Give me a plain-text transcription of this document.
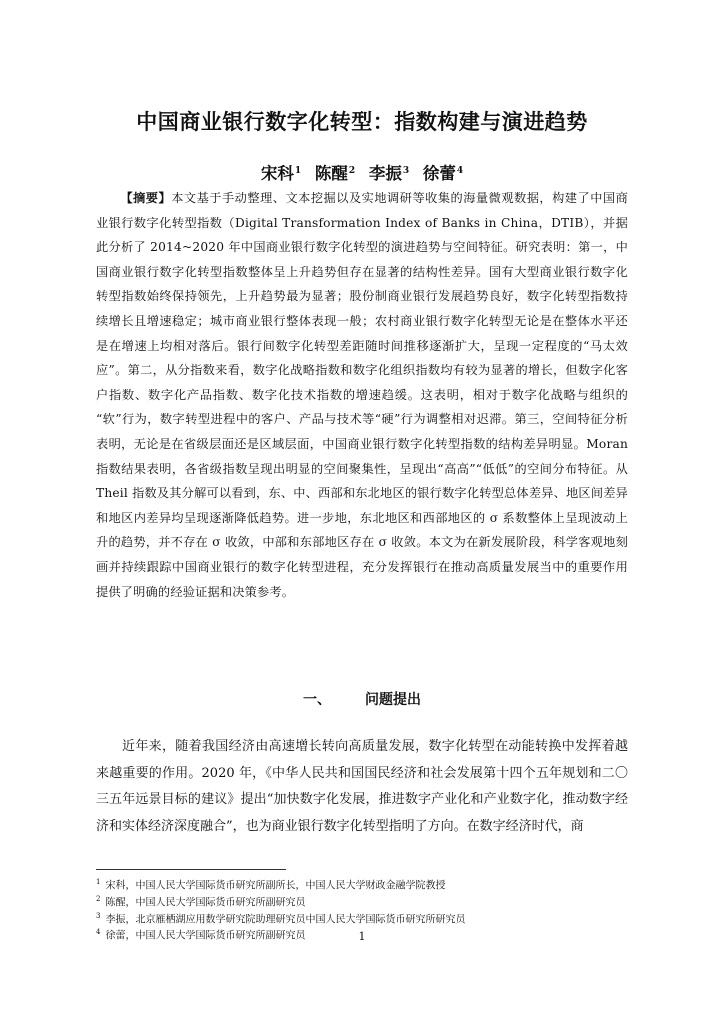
中国商业银行数字化转型：指数构建与演进趋势
宋科$^1$ 陈醒$^2$ 李振$^3$ 徐蕾$^4$
【摘要】本文基于手动整理、文本挖掘以及实地调研等收集的海量微观数据，构建了中国商业银行数字化转型指数（Digital Transformation Index of Banks in China，DTIB），并据此分析了 2014~2020 年中国商业银行数字化转型的演进趋势与空间特征。研究表明：第一，中国商业银行数字化转型指数整体呈上升趋势但存在显著的结构性差异。国有大型商业银行数字化转型指数始终保持领先，上升趋势最为显著；股份制商业银行发展趋势良好，数字化转型指数持续增长且增速稳定；城市商业银行整体表现一般；农村商业银行数字化转型无论是在整体水平还是在增速上均相对落后。银行间数字化转型差距随时间推移逐渐扩大，呈现一定程度的“马太效应”。第二，从分指数来看，数字化战略指数和数字化组织指数均有较为显著的增长，但数字化客户指数、数字化产品指数、数字化技术指数的增速趋缓。这表明，相对于数字化战略与组织的 “软”行为，数字转型进程中的客户、产品与技术等“硬”行为调整相对迟滞。第三，空间特征分析表明，无论是在省级层面还是区域层面，中国商业银行数字化转型指数的结构差异明显。Moran 指数结果表明，各省级指数呈现出明显的空间聚集性，呈现出“高高”“低低”的空间分布特征。从 Theil 指数及其分解可以看到，东、中、西部和东北地区的银行数字化转型总体差异、地区间差异和地区内差异均呈现逐渐降低趋势。进一步地，东北地区和西部地区的 σ 系数整体上呈现波动上升的趋势，并不存在 σ 收敛，中部和东部地区存在 σ 收敛。本文为在新发展阶段，科学客观地刻画并持续跟踪中国商业银行的数字化转型进程，充分发挥银行在推动高质量发展当中的重要作用提供了明确的经验证据和决策参考。
一、 问题提出
近年来，随着我国经济由高速增长转向高质量发展，数字化转型在动能转换中发挥着越来越重要的作用。2020 年，《中华人民共和国国民经济和社会发展第十四个五年规划和二〇三五年远景目标的建议》提出“加快数字化发展，推进数字产业化和产业数字化，推动数字经济和实体经济深度融合”，也为商业银行数字化转型指明了方向。在数字经济时代，商
$^1$ 宋科，中国人民大学国际货币研究所副所长，中国人民大学财政金融学院教授
$^2$ 陈醒，中国人民大学国际货币研究所副研究员
$^3$ 李振，北京雁栖湖应用数学研究院助理研究员中国人民大学国际货币研究所研究员
$^4$ 徐蕾，中国人民大学国际货币研究所副研究员	1
